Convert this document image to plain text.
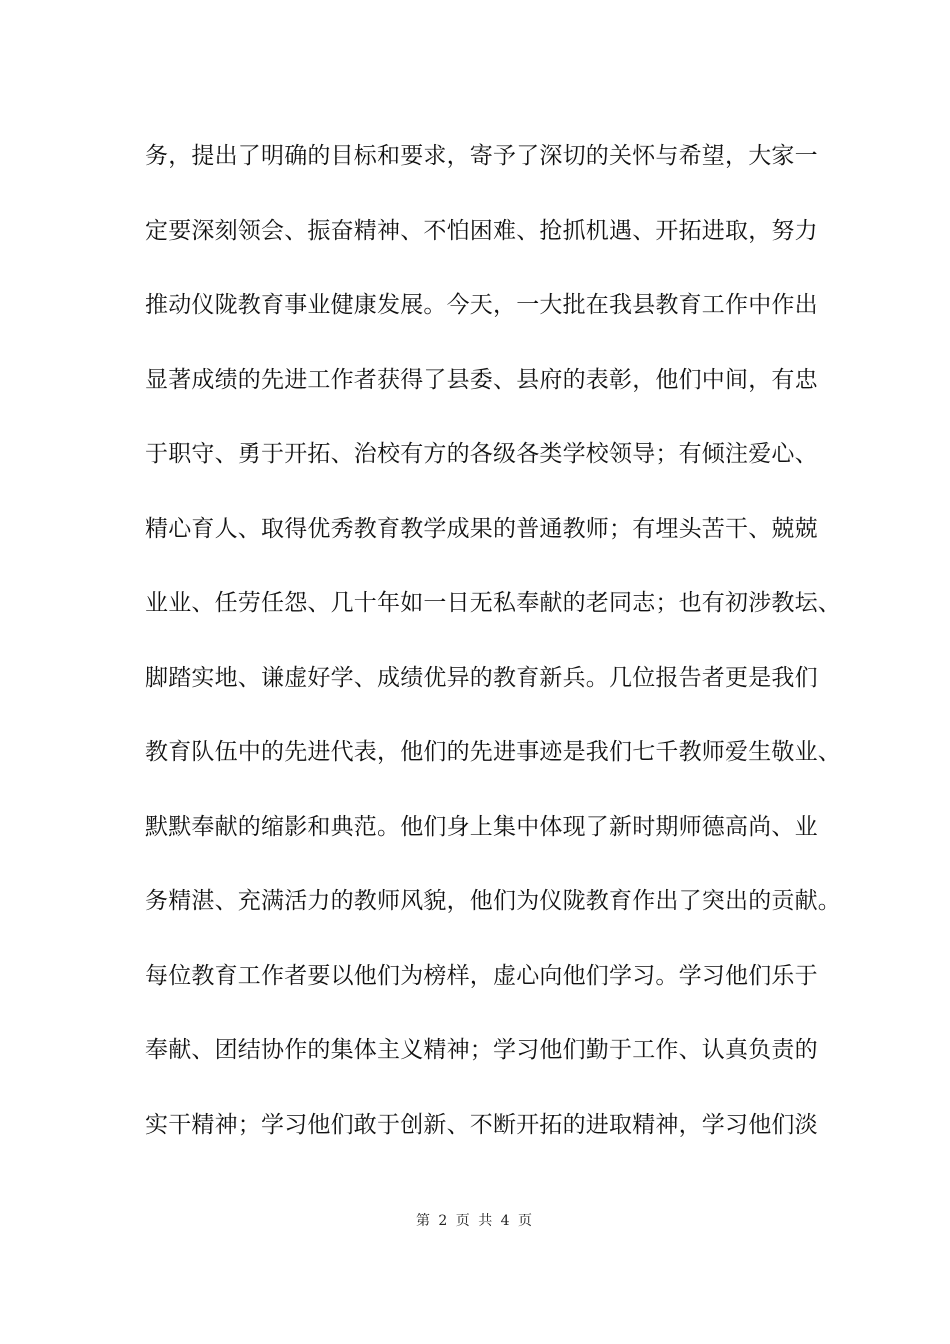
务，提出了明确的目标和要求，寄予了深切的关怀与希望，大家一
定要深刻领会、振奋精神、不怕困难、抢抓机遇、开拓进取，努力
推动仪陇教育事业健康发展。今天，一大批在我县教育工作中作出
显著成绩的先进工作者获得了县委、县府的表彰，他们中间，有忠
于职守、勇于开拓、治校有方的各级各类学校领导；有倾注爱心、
精心育人、取得优秀教育教学成果的普通教师；有埋头苦干、兢兢
业业、任劳任怨、几十年如一日无私奉献的老同志；也有初涉教坛、
脚踏实地、谦虚好学、成绩优异的教育新兵。几位报告者更是我们
教育队伍中的先进代表，他们的先进事迹是我们七千教师爱生敬业、
默默奉献的缩影和典范。他们身上集中体现了新时期师德高尚、业
务精湛、充满活力的教师风貌，他们为仪陇教育作出了突出的贡献。
每位教育工作者要以他们为榜样，虚心向他们学习。学习他们乐于
奉献、团结协作的集体主义精神；学习他们勤于工作、认真负责的
实干精神；学习他们敢于创新、不断开拓的进取精神，学习他们淡
第 2 页 共 4 页
